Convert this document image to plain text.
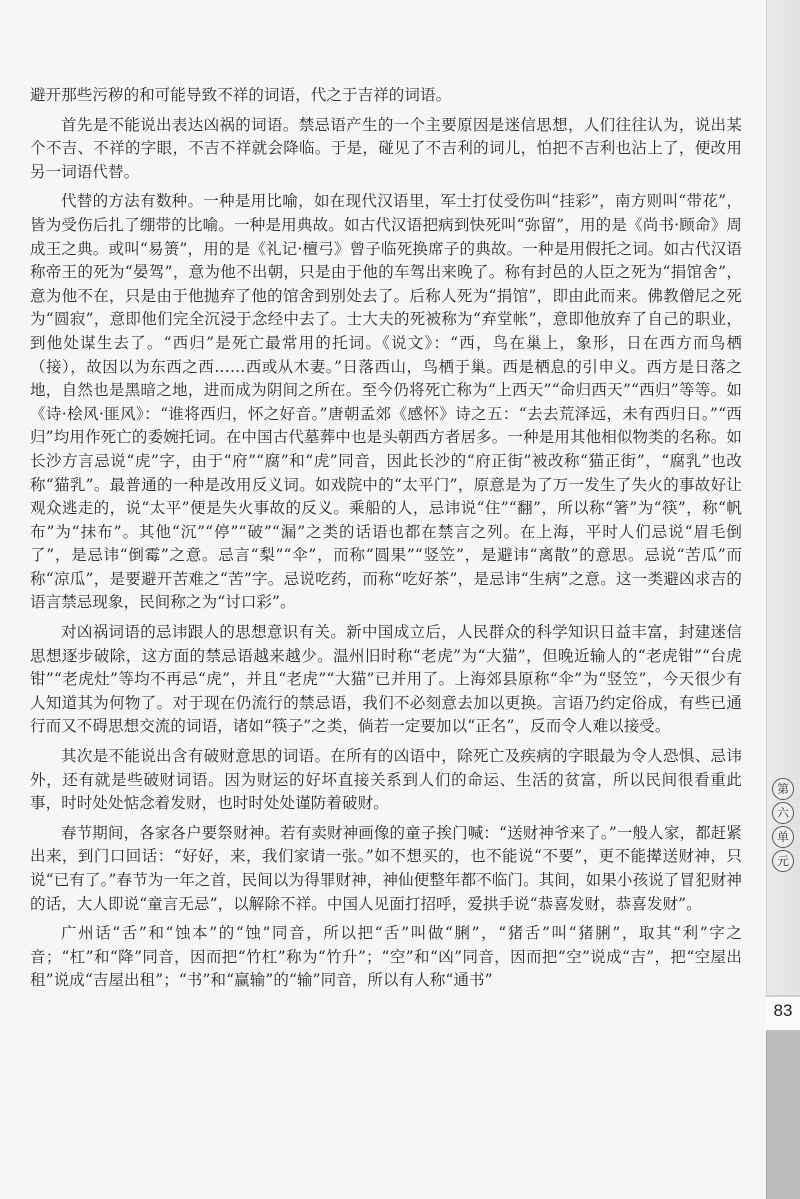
避开那些污秽的和可能导致不祥的词语，代之于吉祥的词语。

首先是不能说出表达凶祸的词语。禁忌语产生的一个主要原因是迷信思想，人们往往认为，说出某个不吉、不祥的字眼，不吉不祥就会降临。于是，碰见了不吉利的词儿，怕把不吉利也沾上了，便改用另一词语代替。

代替的方法有数种。一种是用比喻，如在现代汉语里，军士打仗受伤叫“挂彩”，南方则叫“带花”，皆为受伤后扎了绷带的比喻。一种是用典故。如古代汉语把病到快死叫“弥留”，用的是《尚书·顾命》周成王之典。或叫“易箦”，用的是《礼记·檀弓》曾子临死换席子的典故。一种是用假托之词。如古代汉语称帝王的死为“晏驾”，意为他不出朝，只是由于他的车驾出来晚了。称有封邑的人臣之死为“捐馆舍”，意为他不在，只是由于他抛弃了他的馆舍到别处去了。后称人死为“捐馆”，即由此而来。佛教僧尼之死为“圆寂”，意即他们完全沉浸于念经中去了。士大夫的死被称为“弃堂帐”，意即他放弃了自己的职业，到他处谋生去了。“西归”是死亡最常用的托词。《说文》：“西，鸟在巢上，象形，日在西方而鸟栖（接），故因以为东西之西……西或从木妻。”日落西山，鸟栖于巢。西是栖息的引申义。西方是日落之地，自然也是黑暗之地，进而成为阴间之所在。至今仍将死亡称为“上西天”“命归西天”“西归”等等。如《诗·桧风·匪风》：“谁将西归，怀之好音。”唐朝孟郊《感怀》诗之五：“去去荒泽远，未有西归日。”“西归”均用作死亡的委婉托词。在中国古代墓葬中也是头朝西方者居多。一种是用其他相似物类的名称。如长沙方言忌说“虎”字，由于“府”“腐”和“虎”同音，因此长沙的“府正街”被改称“猫正街”，“腐乳”也改称“猫乳”。最普通的一种是改用反义词。如戏院中的“太平门”，原意是为了万一发生了失火的事故好让观众逃走的，说“太平”便是失火事故的反义。乘船的人，忌讳说“住”“翻”，所以称“箸”为“筷”，称“帆布”为“抹布”。其他“沉”“停”“破”“漏”之类的话语也都在禁言之列。在上海，平时人们忌说“眉毛倒了”，是忌讳“倒霉”之意。忌言“梨”“伞”，而称“圆果”“竖笠”，是避讳“离散”的意思。忌说“苦瓜”而称“凉瓜”，是要避开苦难之“苦”字。忌说吃药，而称“吃好茶”，是忌讳“生病”之意。这一类避凶求吉的语言禁忌现象，民间称之为“讨口彩”。

对凶祸词语的忌讳跟人的思想意识有关。新中国成立后，人民群众的科学知识日益丰富，封建迷信思想逐步破除，这方面的禁忌语越来越少。温州旧时称“老虎”为“大猫”，但晚近输人的“老虎钳”“台虎钳”“老虎灶”等均不再忌“虎”，并且“老虎”“大猫”已并用了。上海郊县原称“伞”为“竖笠”，今天很少有人知道其为何物了。对于现在仍流行的禁忌语，我们不必刻意去加以更换。言语乃约定俗成，有些已通行而又不碍思想交流的词语，诸如“筷子”之类，倘若一定要加以“正名”，反而令人难以接受。

其次是不能说出含有破财意思的词语。在所有的凶语中，除死亡及疾病的字眼最为令人恐惧、忌讳外，还有就是些破财词语。因为财运的好坏直接关系到人们的命运、生活的贫富，所以民间很看重此事，时时处处惦念着发财，也时时处处谨防着破财。

春节期间，各家各户要祭财神。若有卖财神画像的童子挨门喊：“送财神爷来了。”一般人家，都赶紧出来，到门口回话：“好好，来，我们家请一张。”如不想买的，也不能说“不要”，更不能撵送财神，只说“已有了。”春节为一年之首，民间以为得罪财神，神仙便整年都不临门。其间，如果小孩说了冒犯财神的话，大人即说“童言无忌”，以解除不祥。中国人见面打招呼，爱拱手说“恭喜发财，恭喜发财”。

广州话“舌”和“蚀本”的“蚀”同音，所以把“舌”叫做“脷”，“猪舌”叫“猪脷”，取其“利”字之音；“杠”和“降”同音，因而把“竹杠”称为“竹升”；“空”和“凶”同音，因而把“空”说成“吉”，把“空屋出租”说成“吉屋出租”；“书”和“赢输”的“输”同音，所以有人称“通书”

第
六
单
元
83
